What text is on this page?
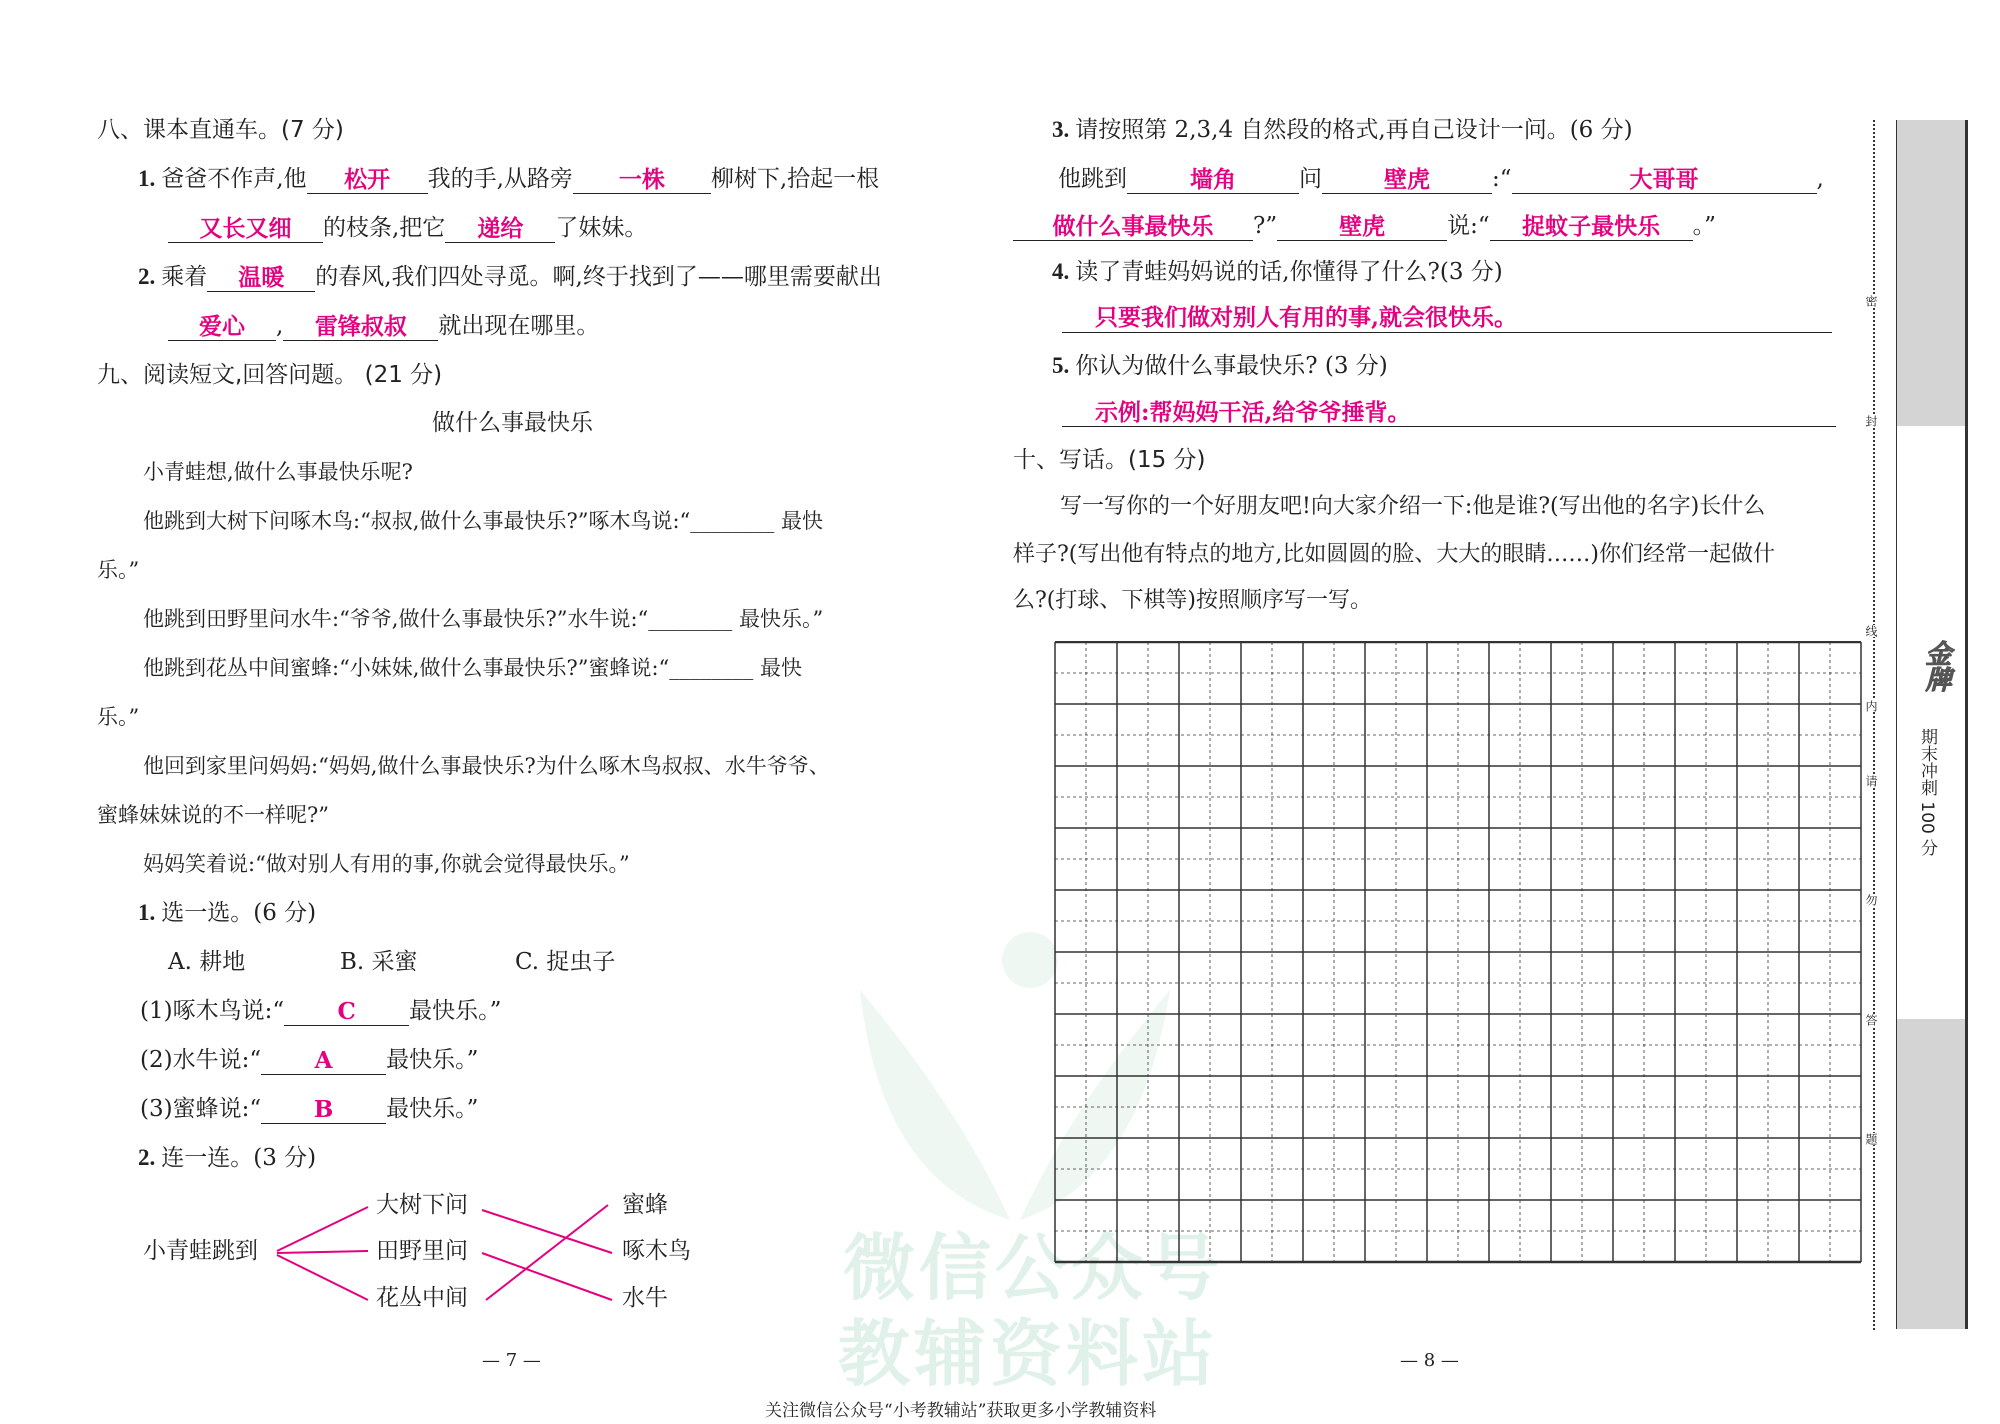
微信公众号
教辅资料站
八、课本直通车。(7 分)
1. 爸爸不作声,他 松开 我的手,从路旁 一株 柳树下,拾起一根
又长又细 的枝条,把它 递给 了妹妹。
2. 乘着 温暖 的春风,我们四处寻觅。啊,终于找到了——哪里需要献出
爱心 , 雷锋叔叔 就出现在哪里。
九、阅读短文,回答问题。 (21 分)
做什么事最快乐
小青蛙想,做什么事最快乐呢?
他跳到大树下问啄木鸟:“叔叔,做什么事最快乐?”啄木鸟说:“________ 最快
乐。”
他跳到田野里问水牛:“爷爷,做什么事最快乐?”水牛说:“________ 最快乐。”
他跳到花丛中间蜜蜂:“小妹妹,做什么事最快乐?”蜜蜂说:“________ 最快
乐。”
他回到家里问妈妈:“妈妈,做什么事最快乐?为什么啄木鸟叔叔、水牛爷爷、
蜜蜂妹妹说的不一样呢?”
妈妈笑着说:“做对别人有用的事,你就会觉得最快乐。”
1. 选一选。(6 分)
A. 耕地	B. 采蜜	C. 捉虫子
(1)啄木鸟说:“ C 最快乐。”
(2)水牛说:“ A 最快乐。”
(3)蜜蜂说:“ B 最快乐。”
2. 连一连。(3 分)
小青蛙跳到
大树下问
田野里问
花丛中间
蜜蜂
啄木鸟
水牛
3. 请按照第 2,3,4 自然段的格式,再自己设计一问。(6 分)
他跳到	墙角	问	壁虎	:“	大哥哥	,
做什么事最快乐 ?”	壁虎	说:“ 捉蚊子最快乐 。”
4. 读了青蛙妈妈说的话,你懂得了什么?(3 分)
只要我们做对别人有用的事,就会很快乐。
5. 你认为做什么事最快乐? (3 分)
示例:帮妈妈干活,给爷爷捶背。
十、写话。(15 分)
写一写你的一个好朋友吧!向大家介绍一下:他是谁?(写出他的名字)长什么
样子?(写出他有特点的地方,比如圆圆的脸、大大的眼睛……)你们经常一起做什
么?(打球、下棋等)按照顺序写一写。
— 7 —	— 8 —
关注微信公众号“小考教辅站”获取更多小学教辅资料
密
封
线
内
请
勿
答
题
金牌
期末冲刺 100 分
